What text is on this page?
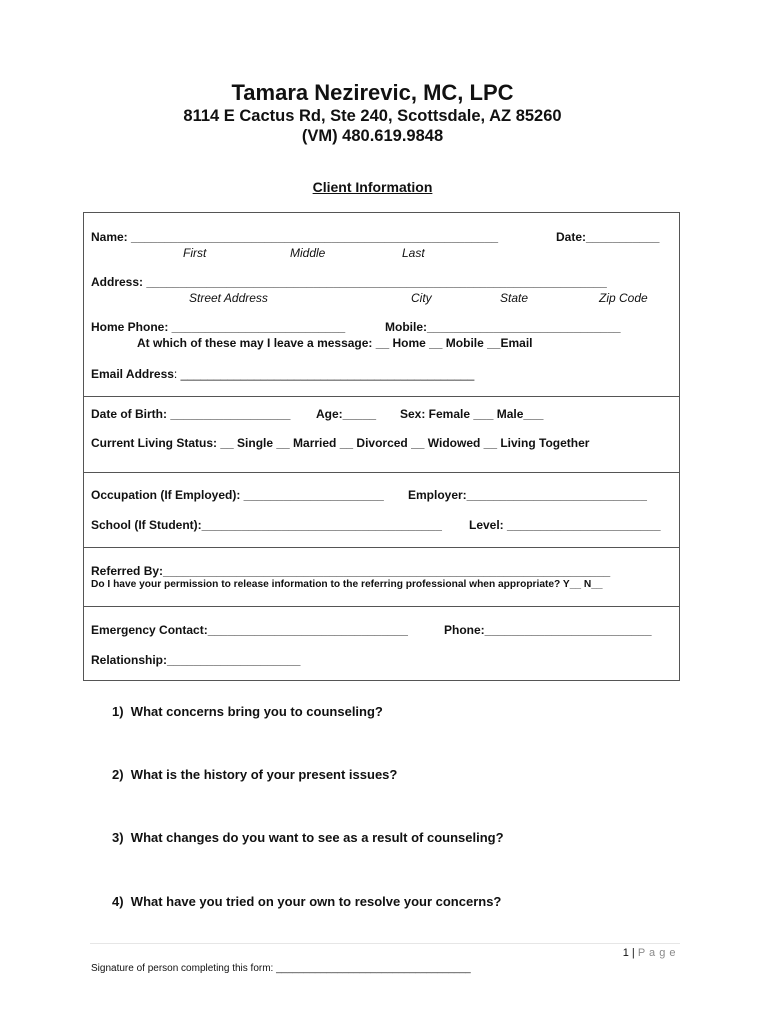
Tamara Nezirevic, MC, LPC
8114 E Cactus Rd, Ste 240, Scottsdale, AZ 85260
(VM) 480.619.9848
Client Information
Name: _______________________________________________________	Date:___________
First	Middle	Last
Address: _____________________________________________________________________
Street Address	City	State	Zip Code
Home Phone: __________________________	Mobile:_____________________________
At which of these may I leave a message: __ Home __ Mobile __Email
Email Address: ____________________________________________
Date of Birth: __________________ Age:_____ Sex: Female ___ Male___
Current Living Status: __ Single __ Married __ Divorced __ Widowed __ Living Together
Occupation (If Employed): _____________________ Employer:___________________________
School (If Student):____________________________________ Level: _______________________
Referred By:___________________________________________________________________
Do I have your permission to release information to the referring professional when appropriate? Y__ N__
Emergency Contact:______________________________	Phone:_________________________
Relationship:____________________
1) What concerns bring you to counseling?
2) What is the history of your present issues?
3) What changes do you want to see as a result of counseling?
4) What have you tried on your own to resolve your concerns?
1 | P a g e
Signature of person completing this form: ___________________________________
